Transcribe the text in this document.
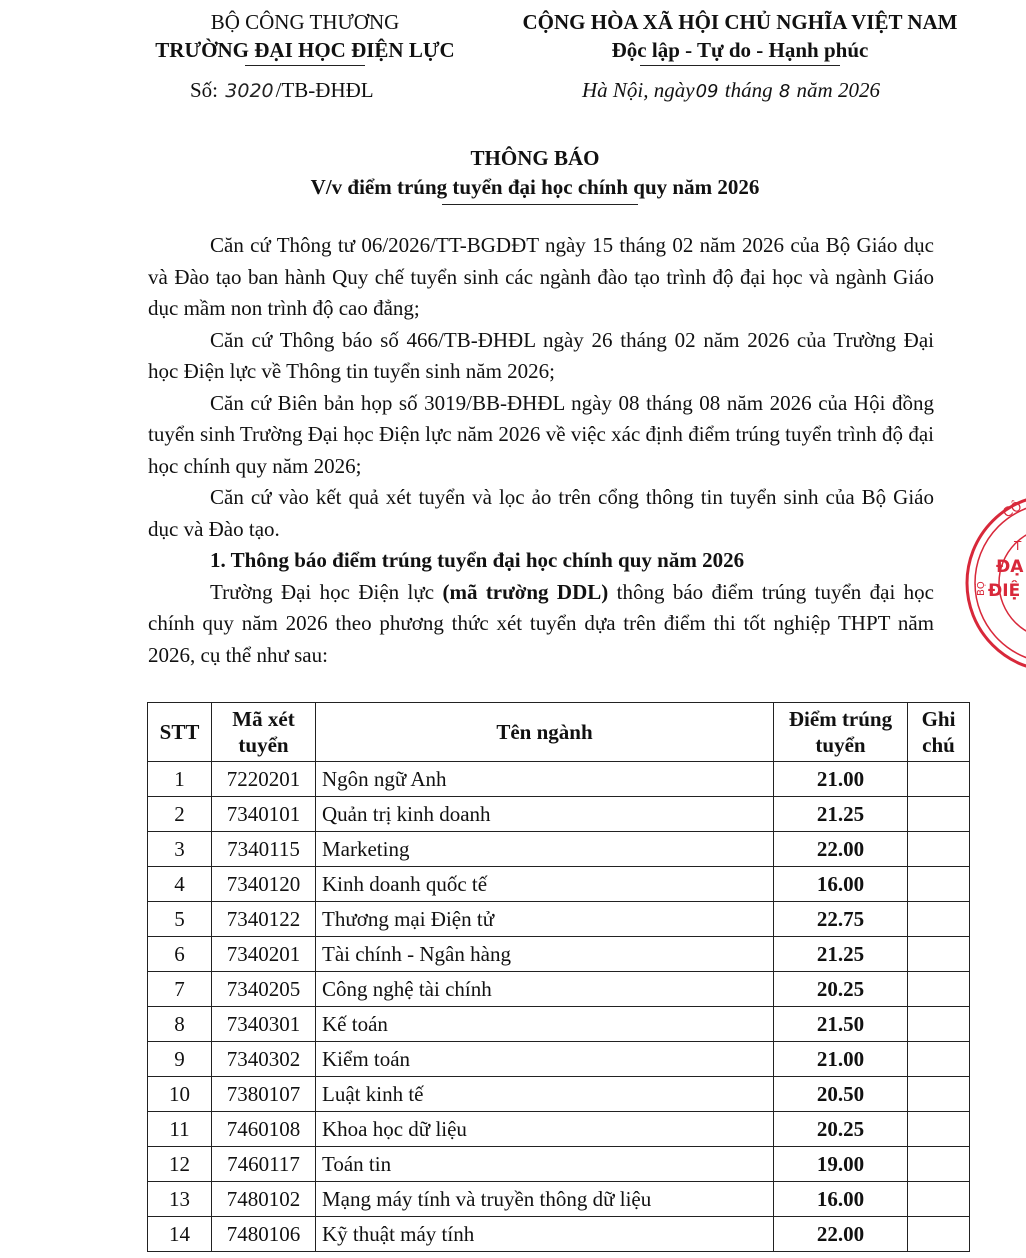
BỘ CÔNG THƯƠNG
TRƯỜNG ĐẠI HỌC ĐIỆN LỰC
CỘNG HÒA XÃ HỘI CHỦ NGHĨA VIỆT NAM
Độc lập - Tự do - Hạnh phúc
Số: 3020/TB-ĐHĐL	Hà Nội, ngày09 tháng 8 năm 2026
THÔNG BÁO
V/v điểm trúng tuyển đại học chính quy năm 2026

Căn cứ Thông tư 06/2026/TT-BGDĐT ngày 15 tháng 02 năm 2026 của Bộ Giáo dục và Đào tạo ban hành Quy chế tuyển sinh các ngành đào tạo trình độ đại học và ngành Giáo dục mầm non trình độ cao đẳng;

Căn cứ Thông báo số 466/TB-ĐHĐL ngày 26 tháng 02 năm 2026 của Trường Đại học Điện lực về Thông tin tuyển sinh năm 2026;

Căn cứ Biên bản họp số 3019/BB-ĐHĐL ngày 08 tháng 08 năm 2026 của Hội đồng tuyển sinh Trường Đại học Điện lực năm 2026 về việc xác định điểm trúng tuyển trình độ đại học chính quy năm 2026;

Căn cứ vào kết quả xét tuyển và lọc ảo trên cổng thông tin tuyển sinh của Bộ Giáo dục và Đào tạo.

1. Thông báo điểm trúng tuyển đại học chính quy năm 2026

Trường Đại học Điện lực (mã trường DDL) thông báo điểm trúng tuyển đại học chính quy năm 2026 theo phương thức xét tuyển dựa trên điểm thi tốt nghiệp THPT năm 2026, cụ thể như sau:

STT	Mã xét tuyển	Tên ngành	Điểm trúng tuyển	Ghi chú
1	7220201	Ngôn ngữ Anh	21.00	
2	7340101	Quản trị kinh doanh	21.25	
3	7340115	Marketing	22.00	
4	7340120	Kinh doanh quốc tế	16.00	
5	7340122	Thương mại Điện tử	22.75	
6	7340201	Tài chính - Ngân hàng	21.25	
7	7340205	Công nghệ tài chính	20.25	
8	7340301	Kế toán	21.50	
9	7340302	Kiểm toán	21.00	
10	7380107	Luật kinh tế	20.50	
11	7460108	Khoa học dữ liệu	20.25	
12	7460117	Toán tin	19.00	
13	7480102	Mạng máy tính và truyền thông dữ liệu	16.00	
14	7480106	Kỹ thuật máy tính	22.00	
CÔ
BỘ
T
ĐẠ
ĐIỆ
